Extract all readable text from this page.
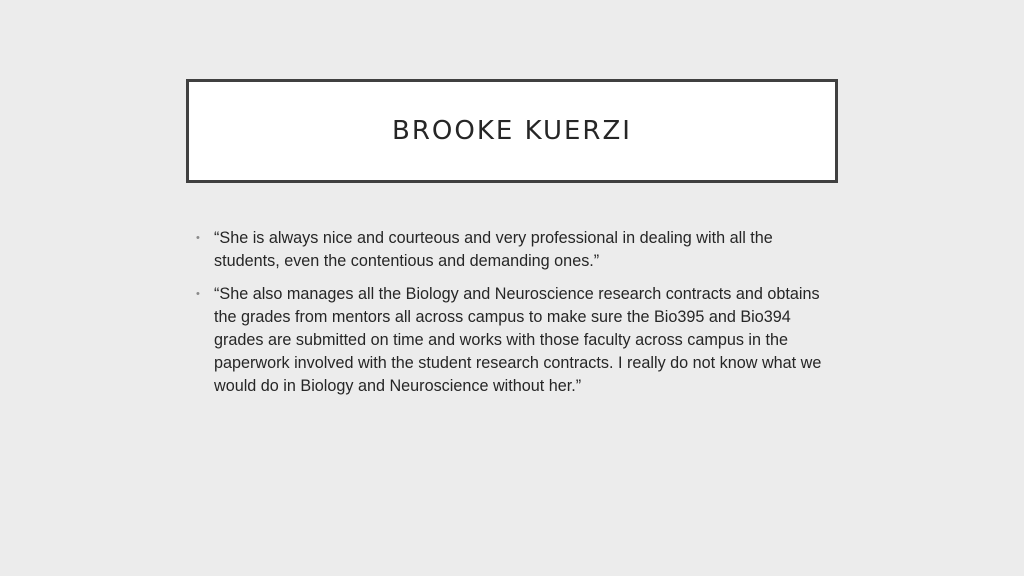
BROOKE KUERZI
• “She is always nice and courteous and very professional in dealing with all the students, even the contentious and demanding ones.”
• “She also manages all the Biology and Neuroscience research contracts and obtains the grades from mentors all across campus to make sure the Bio395 and Bio394 grades are submitted on time and works with those faculty across campus in the paperwork involved with the student research contracts. I really do not know what we would do in Biology and Neuroscience without her.”
